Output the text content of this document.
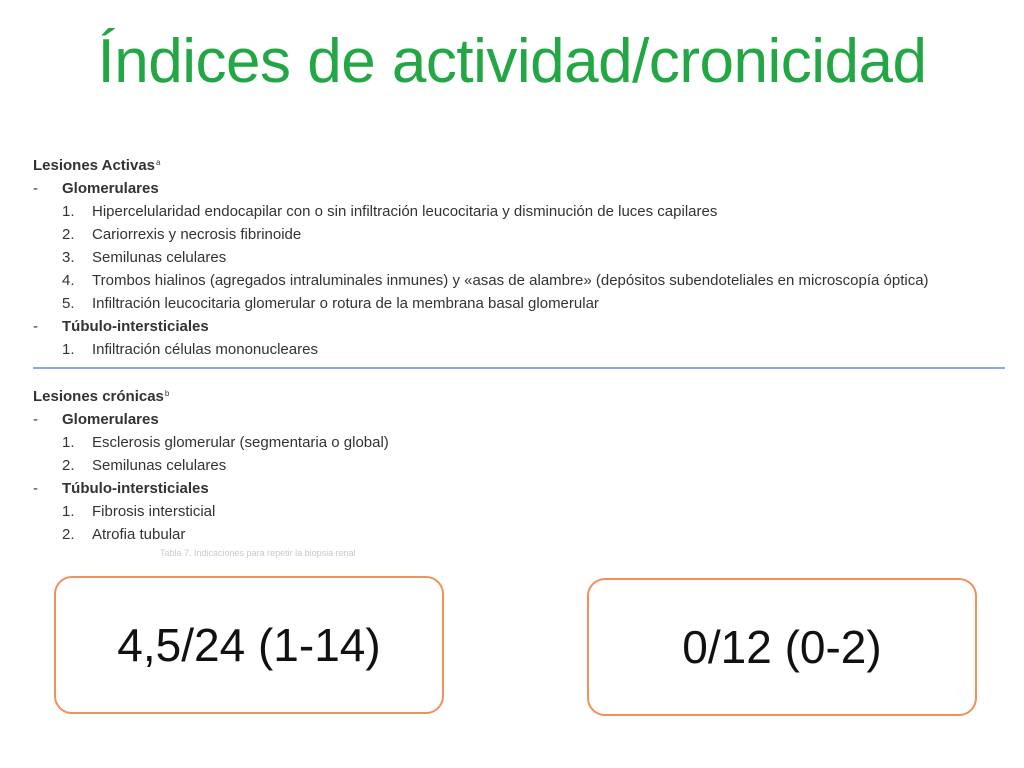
Índices de actividad/cronicidad
Lesiones Activas$^a$
- Glomerulares
1. Hipercelularidad endocapilar con o sin infiltración leucocitaria y disminución de luces capilares
2. Cariorrexis y necrosis fibrinoide
3. Semilunas celulares
4. Trombos hialinos (agregados intraluminales inmunes) y «asas de alambre» (depósitos subendoteliales en microscopía óptica)
5. Infiltración leucocitaria glomerular o rotura de la membrana basal glomerular
- Túbulo-intersticiales
1. Infiltración células mononucleares
Lesiones crónicas$^b$
- Glomerulares
1. Esclerosis glomerular (segmentaria o global)
2. Semilunas celulares
- Túbulo-intersticiales
1. Fibrosis intersticial
2. Atrofia tubular
Tabla 7. Indicaciones para repetir la biopsia renal
4,5/24 (1-14)	0/12 (0-2)
